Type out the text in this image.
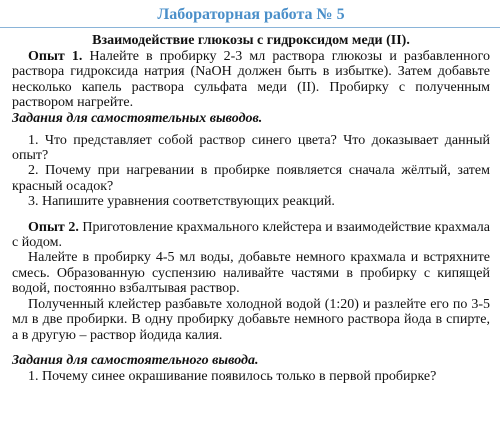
Лабораторная работа № 5
Взаимодействие глюкозы с гидроксидом меди (II).

Опыт 1. Налейте в пробирку 2-3 мл раствора глюкозы и разбавленного раствора гидроксида натрия (NaOH должен быть в избытке). Затем добавьте несколько капель раствора сульфата меди (II). Пробирку с полученным раствором нагрейте.

Задания для самостоятельных выводов.

1. Что представляет собой раствор синего цвета? Что доказывает данный опыт?

2. Почему при нагревании в пробирке появляется сначала жёлтый, затем красный осадок?

3. Напишите уравнения соответствующих реакций.

Опыт 2. Приготовление крахмального клейстера и взаимодействие крахмала с йодом.

Налейте в пробирку 4-5 мл воды, добавьте немного крахмала и встряхните смесь. Образованную суспензию наливайте частями в пробирку с кипящей водой, постоянно взбалтывая раствор.

Полученный клейстер разбавьте холодной водой (1:20) и разлейте его по 3-5 мл в две пробирки. В одну пробирку добавьте немного раствора йода в спирте, а в другую – раствор йодида калия.

Задания для самостоятельного вывода.

1. Почему синее окрашивание появилось только в первой пробирке?
